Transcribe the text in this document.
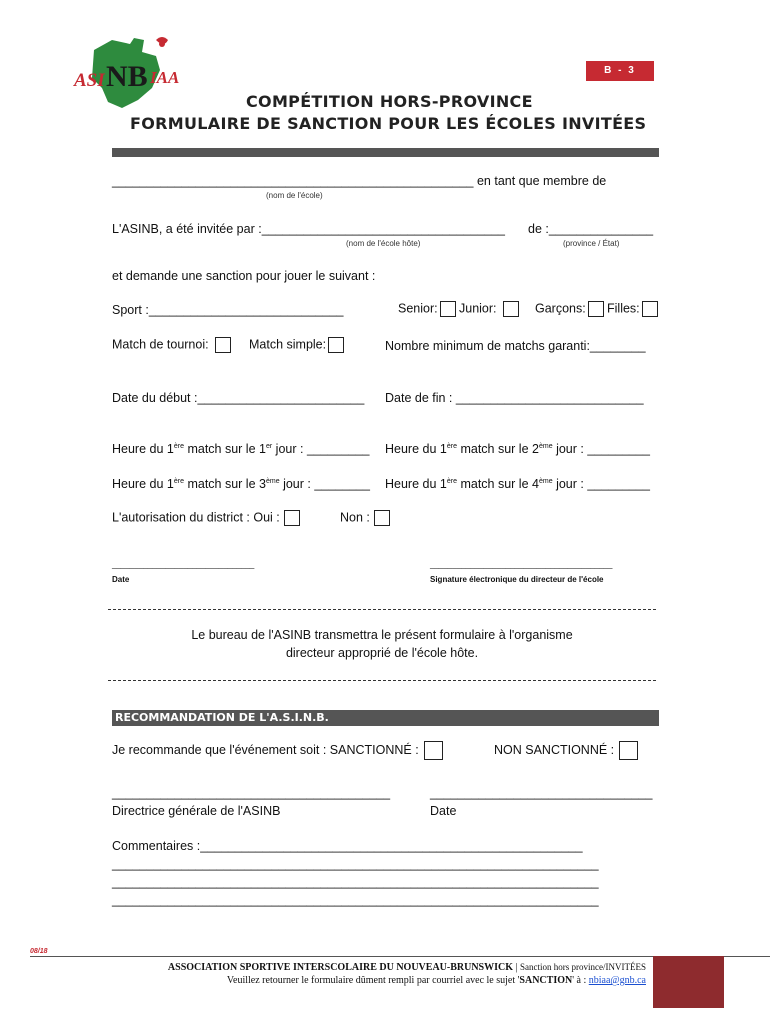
ASI NB IAA	B - 3
COMPÉTITION HORS-PROVINCE
FORMULAIRE DE SANCTION POUR LES ÉCOLES INVITÉES
____________________________________________________ en tant que membre de
(nom de l'école)
L'ASINB, a été invitée par :___________________________________ de :_______________
(nom de l'école hôte)	(province / État)
et demande une sanction pour jouer le suivant :
Sport :____________________________	Senior:	Junior:	Garçons:	Filles:
Match de tournoi:	Match simple:	Nombre minimum de matchs garanti:________
Date du début :________________________ Date de fin : ___________________________
Heure du 1ère match sur le 1er jour : _________ Heure du 1ère match sur le 2ème jour : _________
Heure du 1ère match sur le 3ème jour : ________ Heure du 1ère match sur le 4ème jour : _________
L'autorisation du district : Oui :	Non :
________________________________
Date
_________________________________________
Signature électronique du directeur de l'école
Le bureau de l'ASINB transmettra le présent formulaire à l'organisme
directeur approprié de l'école hôte.
RECOMMANDATION DE L'A.S.I.N.B.
Je recommande que l'événement soit : SANCTIONNÉ :	NON SANCTIONNÉ :
________________________________________
Directrice générale de l'ASINB
________________________________
Date
Commentaires :_______________________________________________________
______________________________________________________________________
______________________________________________________________________
______________________________________________________________________
08/18
ASSOCIATION SPORTIVE INTERSCOLAIRE DU NOUVEAU-BRUNSWICK | Sanction hors province/INVITÉES
Veuillez retourner le formulaire dûment rempli par courriel avec le sujet 'SANCTION' à : nbiaa@gnb.ca
